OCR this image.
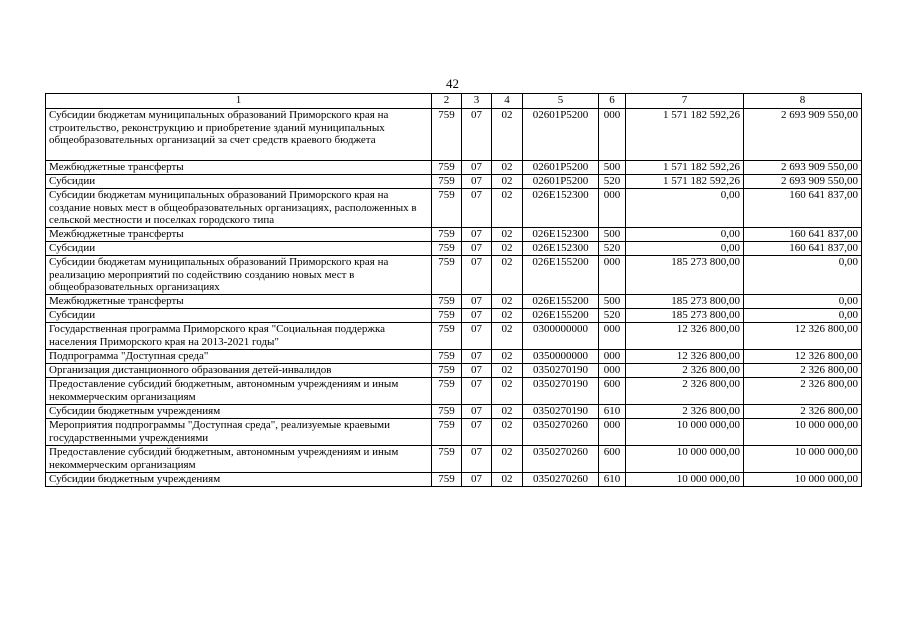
42
1	2	3	4	5	6	7	8
Субсидии бюджетам муниципальных образований Приморского края на строительство, реконструкцию и приобретение зданий муниципальных общеобразовательных организаций за счет средств краевого бюджета	759	07	02	02601P5200	000	1 571 182 592,26	2 693 909 550,00
Межбюджетные трансферты	759	07	02	02601P5200	500	1 571 182 592,26	2 693 909 550,00
Субсидии	759	07	02	02601P5200	520	1 571 182 592,26	2 693 909 550,00
Субсидии бюджетам муниципальных образований Приморского края на создание новых мест в общеобразовательных организациях, расположенных в сельской местности и поселках городского типа	759	07	02	026E152300	000	0,00	160 641 837,00
Межбюджетные трансферты	759	07	02	026E152300	500	0,00	160 641 837,00
Субсидии	759	07	02	026E152300	520	0,00	160 641 837,00
Субсидии бюджетам муниципальных образований Приморского края на реализацию мероприятий по содействию созданию новых мест в общеобразовательных организациях	759	07	02	026E155200	000	185 273 800,00	0,00
Межбюджетные трансферты	759	07	02	026E155200	500	185 273 800,00	0,00
Субсидии	759	07	02	026E155200	520	185 273 800,00	0,00
Государственная программа Приморского края "Социальная поддержка населения Приморского края на 2013-2021 годы"	759	07	02	0300000000	000	12 326 800,00	12 326 800,00
Подпрограмма "Доступная среда"	759	07	02	0350000000	000	12 326 800,00	12 326 800,00
Организация дистанционного образования детей-инвалидов	759	07	02	0350270190	000	2 326 800,00	2 326 800,00
Предоставление субсидий бюджетным, автономным учреждениям и иным некоммерческим организациям	759	07	02	0350270190	600	2 326 800,00	2 326 800,00
Субсидии бюджетным учреждениям	759	07	02	0350270190	610	2 326 800,00	2 326 800,00
Мероприятия подпрограммы "Доступная среда", реализуемые краевыми государственными учреждениями	759	07	02	0350270260	000	10 000 000,00	10 000 000,00
Предоставление субсидий бюджетным, автономным учреждениям и иным некоммерческим организациям	759	07	02	0350270260	600	10 000 000,00	10 000 000,00
Субсидии бюджетным учреждениям	759	07	02	0350270260	610	10 000 000,00	10 000 000,00
